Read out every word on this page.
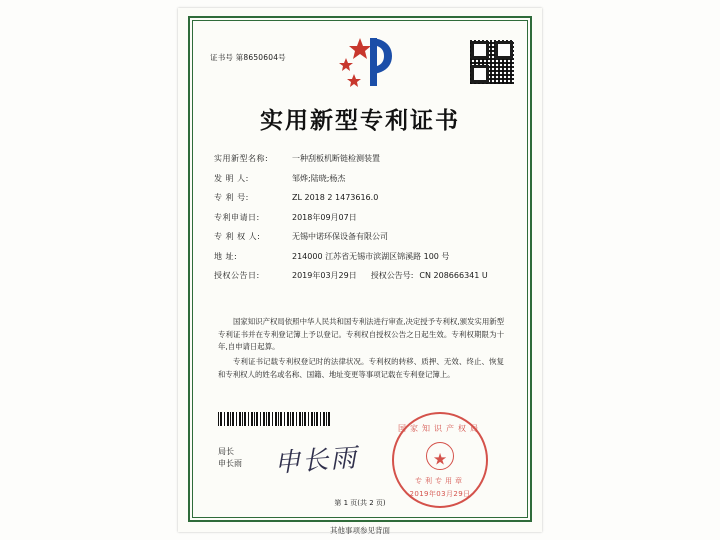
证书号 第8650604号
实用新型专利证书
实用新型名称:	一种刮板机断链检测装置
发 明 人:	邹烨;陆晓;杨杰
专 利 号:	ZL 2018 2 1473616.0
专利申请日:	2018年09月07日
专 利 权 人:	无锡中诺环保设备有限公司
地 址:	214000 江苏省无锡市滨湖区锦溪路 100 号
授权公告日:	2019年03月29日 授权公告号: CN 208666341 U

国家知识产权局依照中华人民共和国专利法进行审查,决定授予专利权,颁发实用新型专利证书并在专利登记簿上予以登记。专利权自授权公告之日起生效。专利权期限为十年,自申请日起算。

专利证书记载专利权登记时的法律状况。专利权的转移、质押、无效、终止、恢复和专利权人的姓名或名称、国籍、地址变更等事项记载在专利登记簿上。

国家知识产权局
★
专利专用章
2019年03月29日
局长
申长雨 申长雨
第 1 页(共 2 页)
其他事项参见背面
